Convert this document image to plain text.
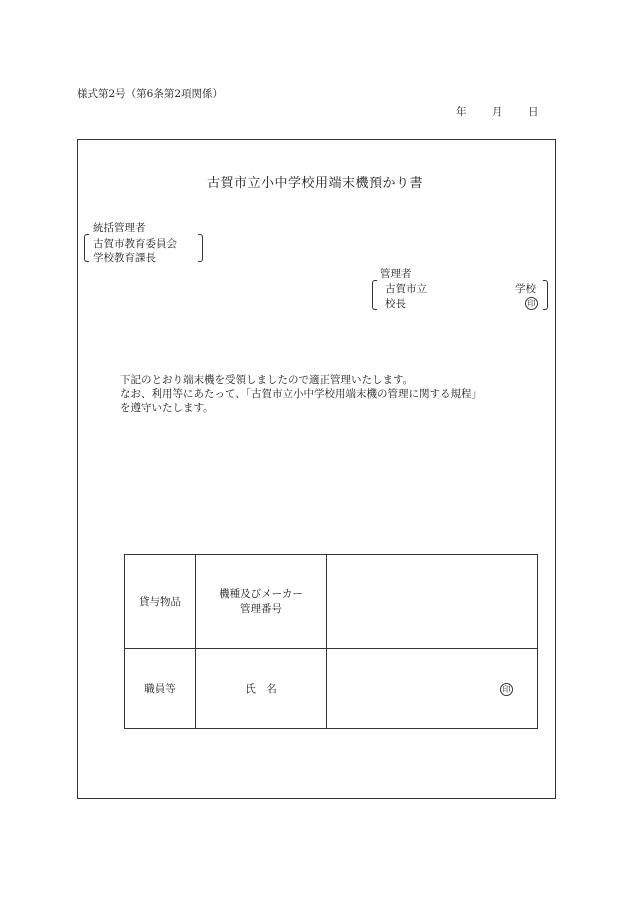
様式第2号（第6条第2項関係）
年	月	日
古賀市立小中学校用端末機預かり書
統括管理者
古賀市教育委員会
学校教育課長
管理者
古賀市立	学校
校長	印
下記のとおり端末機を受領しましたので適正管理いたします。
なお、利用等にあたって、「古賀市立小中学校用端末機の管理に関する規程」
を遵守いたします。
貸与物品	機種及びメーカー
管理番号	

職員等	氏　名	印
